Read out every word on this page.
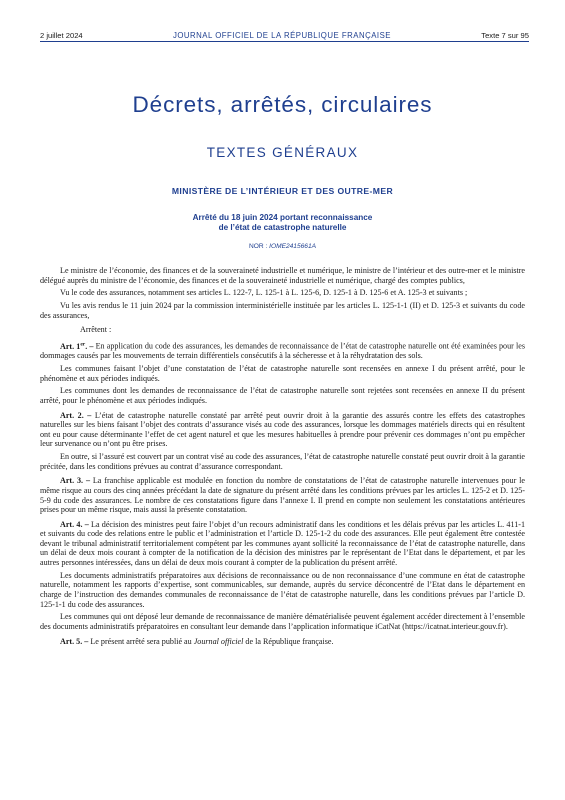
2 juillet 2024	JOURNAL OFFICIEL DE LA RÉPUBLIQUE FRANÇAISE	Texte 7 sur 95
Décrets, arrêtés, circulaires
TEXTES GÉNÉRAUX
MINISTÈRE DE L’INTÉRIEUR ET DES OUTRE-MER
Arrêté du 18 juin 2024 portant reconnaissance
de l’état de catastrophe naturelle
NOR : IOME2415661A

Le ministre de l’économie, des finances et de la souveraineté industrielle et numérique, le ministre de l’intérieur et des outre-mer et le ministre délégué auprès du ministre de l’économie, des finances et de la souveraineté industrielle et numérique, chargé des comptes publics,

Vu le code des assurances, notamment ses articles L. 122-7, L. 125-1 à L. 125-6, D. 125-1 à D. 125-6 et A. 125-3 et suivants ;

Vu les avis rendus le 11 juin 2024 par la commission interministérielle instituée par les articles L. 125-1-1 (II) et D. 125-3 et suivants du code des assurances,

Arrêtent :

Art. 1er. – En application du code des assurances, les demandes de reconnaissance de l’état de catastrophe naturelle ont été examinées pour les dommages causés par les mouvements de terrain différentiels consécutifs à la sécheresse et à la réhydratation des sols.

Les communes faisant l’objet d’une constatation de l’état de catastrophe naturelle sont recensées en annexe I du présent arrêté, pour le phénomène et aux périodes indiqués.

Les communes dont les demandes de reconnaissance de l’état de catastrophe naturelle sont rejetées sont recensées en annexe II du présent arrêté, pour le phénomène et aux périodes indiqués.

Art. 2. – L’état de catastrophe naturelle constaté par arrêté peut ouvrir droit à la garantie des assurés contre les effets des catastrophes naturelles sur les biens faisant l’objet des contrats d’assurance visés au code des assurances, lorsque les dommages matériels directs qui en résultent ont eu pour cause déterminante l’effet de cet agent naturel et que les mesures habituelles à prendre pour prévenir ces dommages n’ont pu empêcher leur survenance ou n’ont pu être prises.

En outre, si l’assuré est couvert par un contrat visé au code des assurances, l’état de catastrophe naturelle constaté peut ouvrir droit à la garantie précitée, dans les conditions prévues au contrat d’assurance correspondant.

Art. 3. – La franchise applicable est modulée en fonction du nombre de constatations de l’état de catastrophe naturelle intervenues pour le même risque au cours des cinq années précédant la date de signature du présent arrêté dans les conditions prévues par les articles L. 125-2 et D. 125-5-9 du code des assurances. Le nombre de ces constatations figure dans l’annexe I. Il prend en compte non seulement les constatations antérieures prises pour un même risque, mais aussi la présente constatation.

Art. 4. – La décision des ministres peut faire l’objet d’un recours administratif dans les conditions et les délais prévus par les articles L. 411-1 et suivants du code des relations entre le public et l’administration et l’article D. 125-1-2 du code des assurances. Elle peut également être contestée devant le tribunal administratif territorialement compétent par les communes ayant sollicité la reconnaissance de l’état de catastrophe naturelle, dans un délai de deux mois courant à compter de la notification de la décision des ministres par le représentant de l’Etat dans le département, et par les autres personnes intéressées, dans un délai de deux mois courant à compter de la publication du présent arrêté.

Les documents administratifs préparatoires aux décisions de reconnaissance ou de non reconnaissance d’une commune en état de catastrophe naturelle, notamment les rapports d’expertise, sont communicables, sur demande, auprès du service déconcentré de l’Etat dans le département en charge de l’instruction des demandes communales de reconnaissance de l’état de catastrophe naturelle, dans les conditions prévues par l’article D. 125-1-1 du code des assurances.

Les communes qui ont déposé leur demande de reconnaissance de manière dématérialisée peuvent également accéder directement à l’ensemble des documents administratifs préparatoires en consultant leur demande dans l’application informatique iCatNat (https://icatnat.interieur.gouv.fr).

Art. 5. – Le présent arrêté sera publié au Journal officiel de la République française.
